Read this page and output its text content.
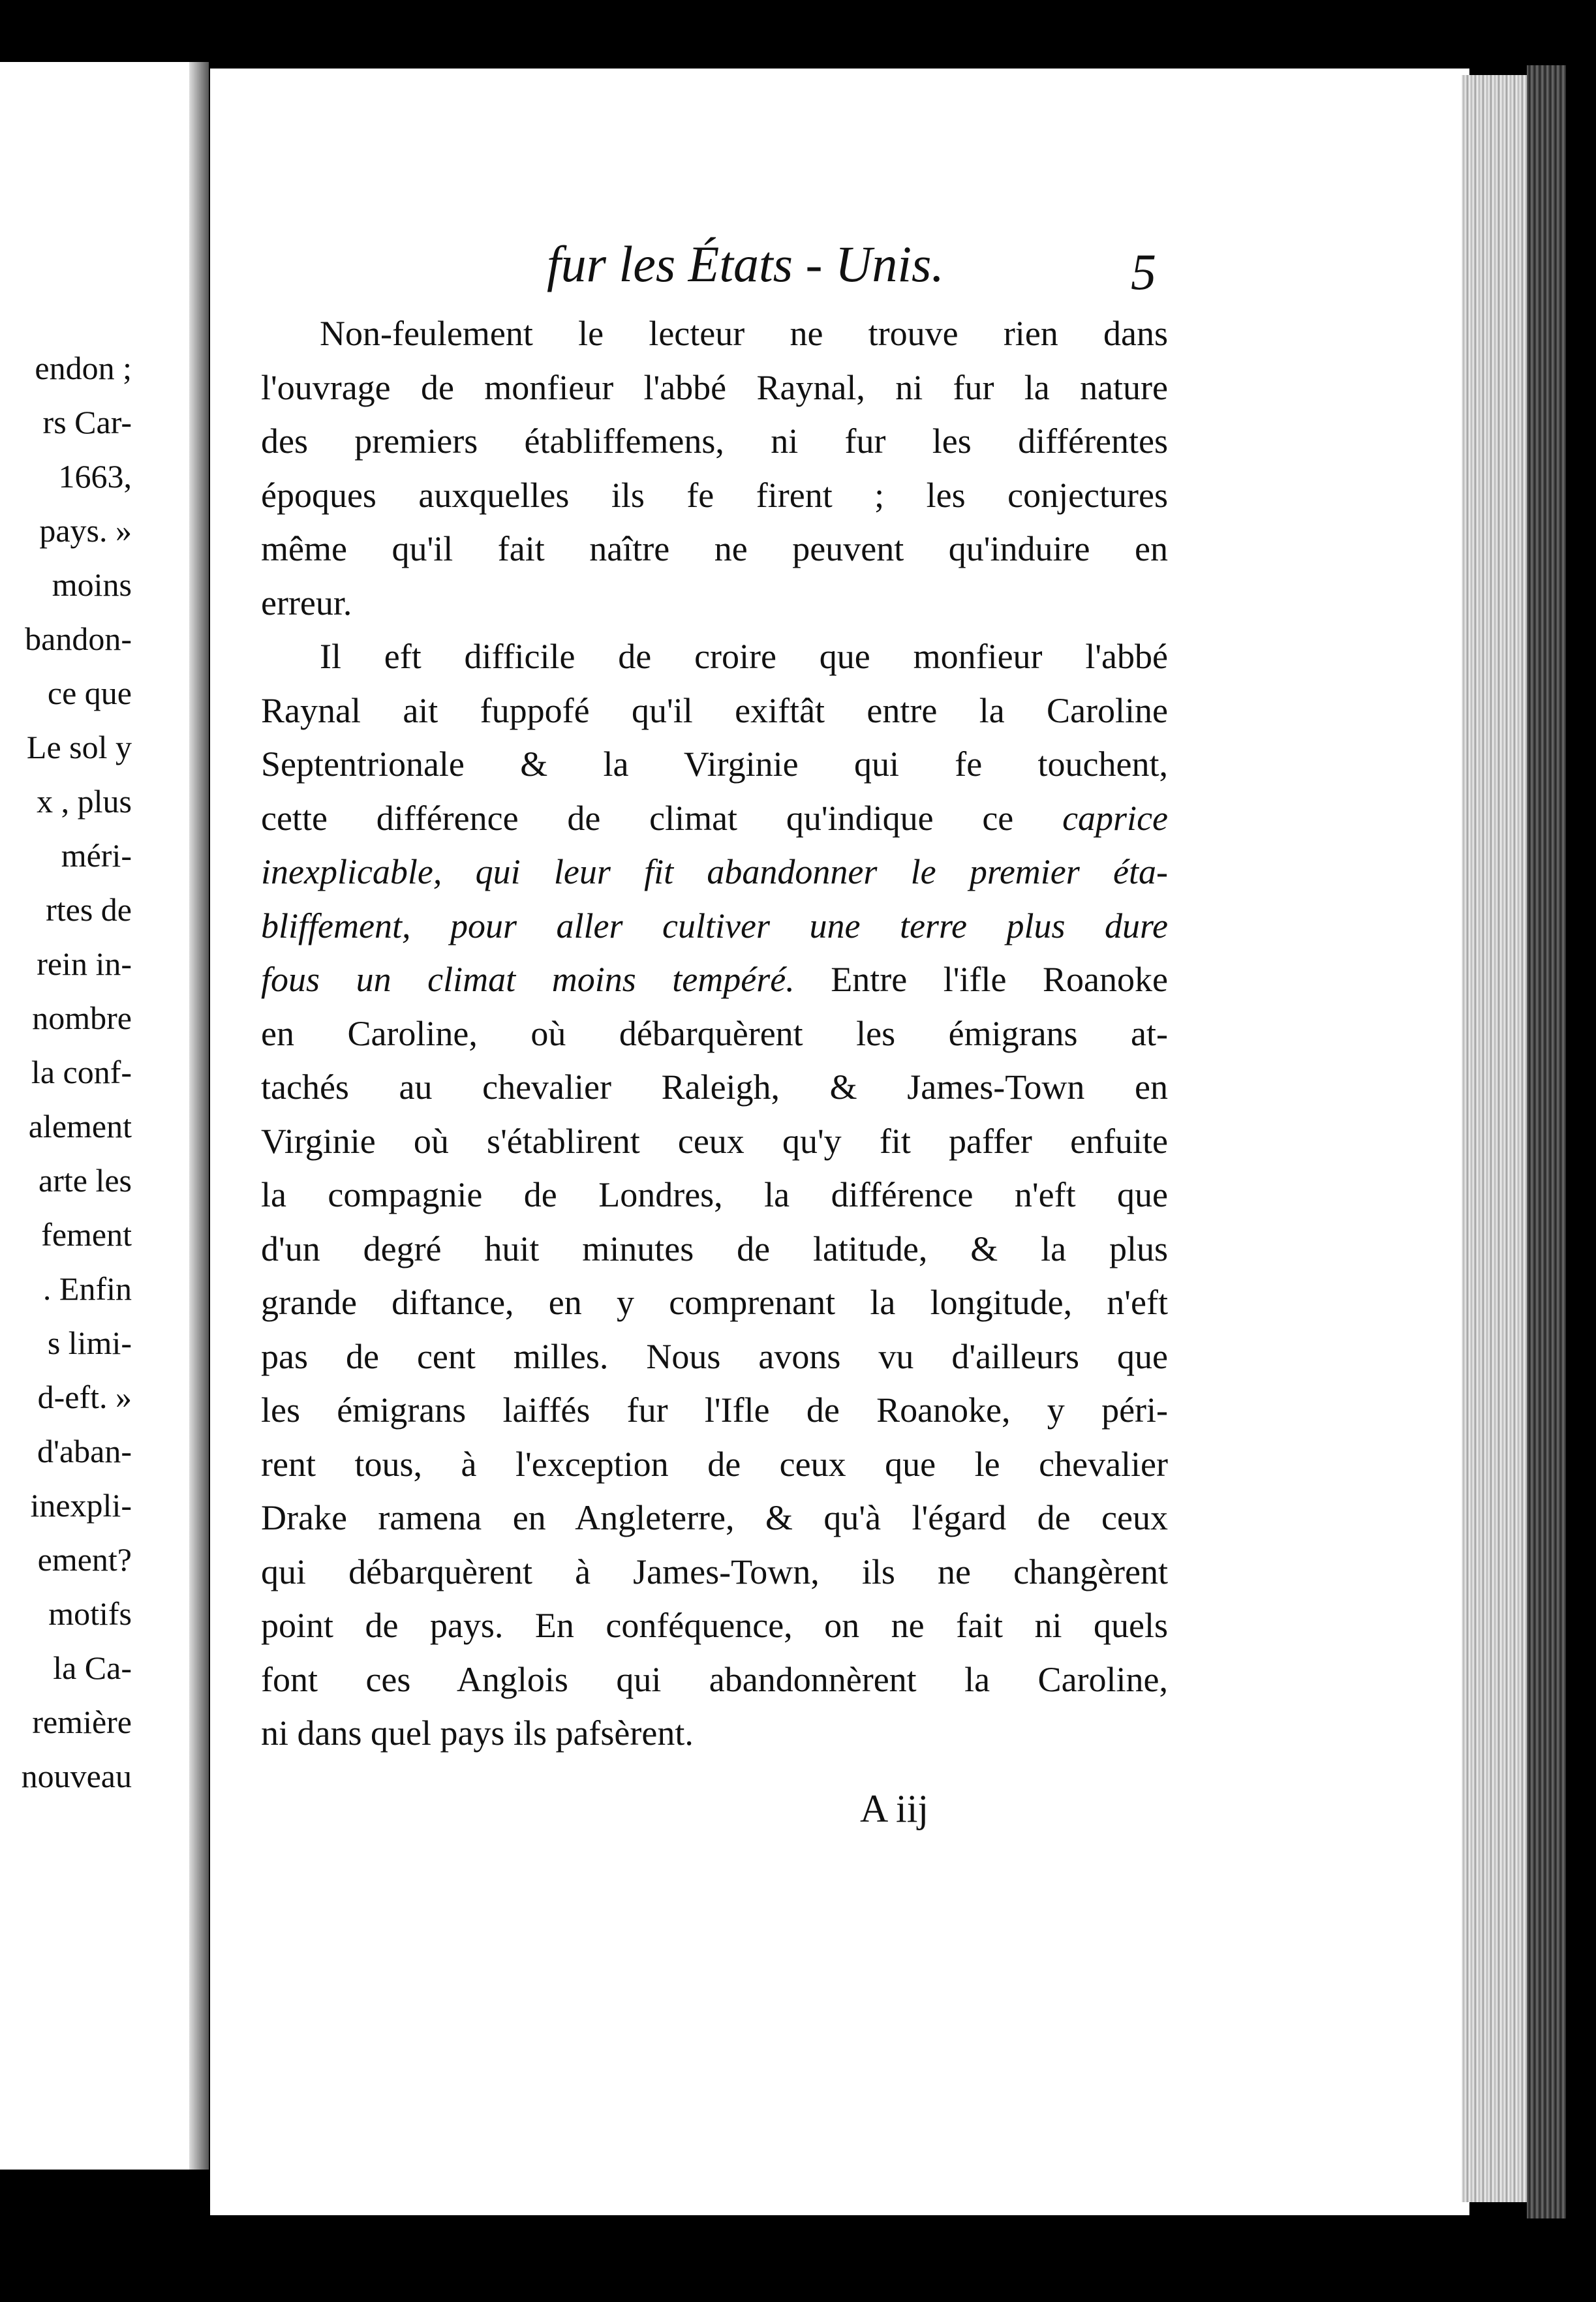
endon ;
rs Car-
1663,
pays. »
moins
bandon-
ce que
Le sol y
x , plus
méri-
rtes de
rein in-
nombre
la conf-
alement
arte les
fement
. Enfin
s limi-
d-eft. »
d'aban-
inexpli-
ement?
motifs
la Ca-
remière
nouveau
fur les États - Unis.	5
Non-feulement le lecteur ne trouve rien dans
l'ouvrage de monfieur l'abbé Raynal, ni fur la nature
des premiers établiffemens, ni fur les différentes
époques auxquelles ils fe firent ; les conjectures
même qu'il fait naître ne peuvent qu'induire en
erreur.
Il eft difficile de croire que monfieur l'abbé
Raynal ait fuppofé qu'il exiftât entre la Caroline
Septentrionale & la Virginie qui fe touchent,
cette différence de climat qu'indique ce caprice
inexplicable, qui leur fit abandonner le premier éta-
bliffement, pour aller cultiver une terre plus dure
fous un climat moins tempéré. Entre l'ifle Roanoke
en Caroline, où débarquèrent les émigrans at-
tachés au chevalier Raleigh, & James-Town en
Virginie où s'établirent ceux qu'y fit paffer enfuite
la compagnie de Londres, la différence n'eft que
d'un degré huit minutes de latitude, & la plus
grande diftance, en y comprenant la longitude, n'eft
pas de cent milles. Nous avons vu d'ailleurs que
les émigrans laiffés fur l'Ifle de Roanoke, y péri-
rent tous, à l'exception de ceux que le chevalier
Drake ramena en Angleterre, & qu'à l'égard de ceux
qui débarquèrent à James-Town, ils ne changèrent
point de pays. En conféquence, on ne fait ni quels
font ces Anglois qui abandonnèrent la Caroline,
ni dans quel pays ils pafsèrent.
A iij
